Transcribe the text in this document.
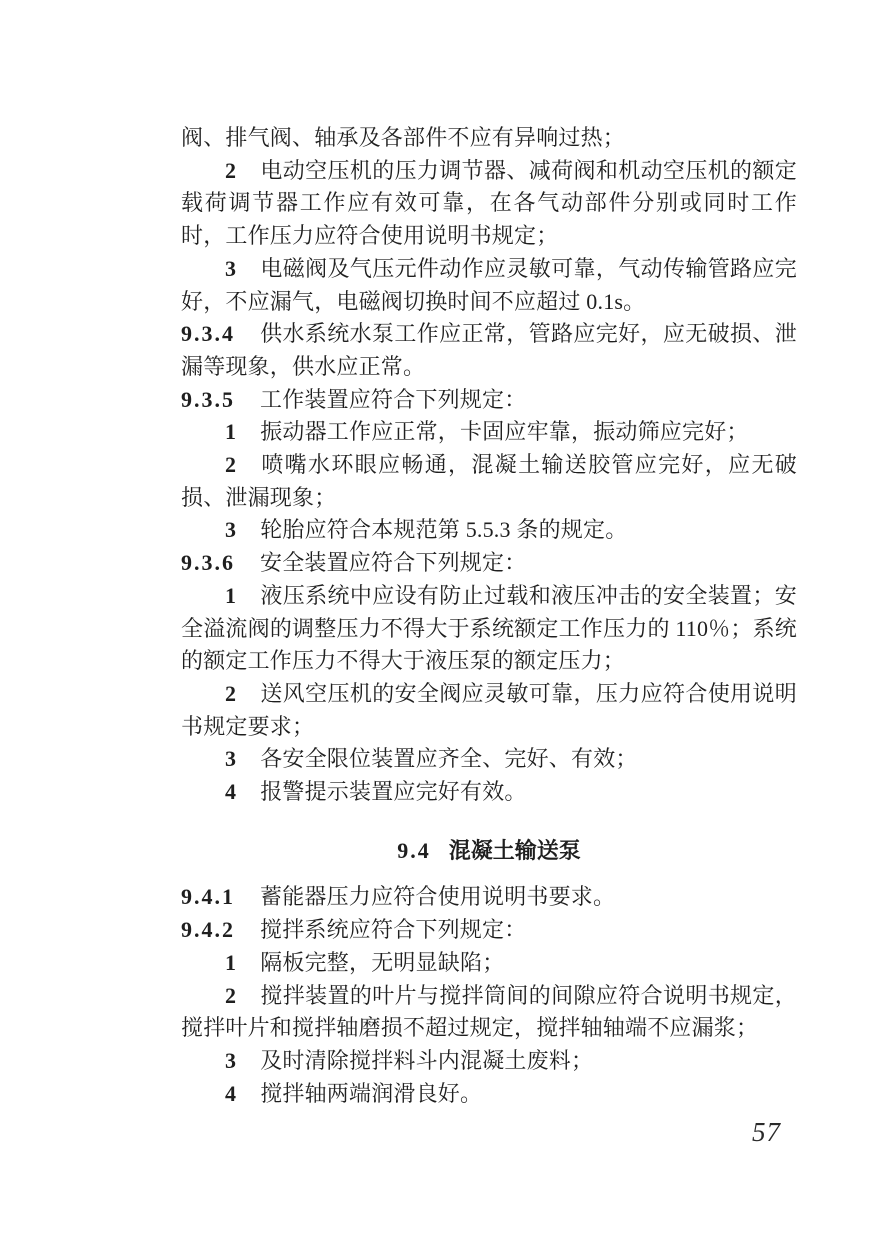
阀、排气阀、轴承及各部件不应有异响过热；

2 电动空压机的压力调节器、减荷阀和机动空压机的额定载荷调节器工作应有效可靠，在各气动部件分别或同时工作时，工作压力应符合使用说明书规定；

3 电磁阀及气压元件动作应灵敏可靠，气动传输管路应完好，不应漏气，电磁阀切换时间不应超过 0.1s。

9.3.4 供水系统水泵工作应正常，管路应完好，应无破损、泄漏等现象，供水应正常。

9.3.5 工作装置应符合下列规定：

1 振动器工作应正常，卡固应牢靠，振动筛应完好；

2 喷嘴水环眼应畅通，混凝土输送胶管应完好，应无破损、泄漏现象；

3 轮胎应符合本规范第 5.5.3 条的规定。

9.3.6 安全装置应符合下列规定：

1 液压系统中应设有防止过载和液压冲击的安全装置；安全溢流阀的调整压力不得大于系统额定工作压力的 110％；系统的额定工作压力不得大于液压泵的额定压力；

2 送风空压机的安全阀应灵敏可靠，压力应符合使用说明书规定要求；

3 各安全限位装置应齐全、完好、有效；

4 报警提示装置应完好有效。

9.4 混凝土输送泵

9.4.1 蓄能器压力应符合使用说明书要求。

9.4.2 搅拌系统应符合下列规定：

1 隔板完整，无明显缺陷；

2 搅拌装置的叶片与搅拌筒间的间隙应符合说明书规定，搅拌叶片和搅拌轴磨损不超过规定，搅拌轴轴端不应漏浆；

3 及时清除搅拌料斗内混凝土废料；

4 搅拌轴两端润滑良好。

57
